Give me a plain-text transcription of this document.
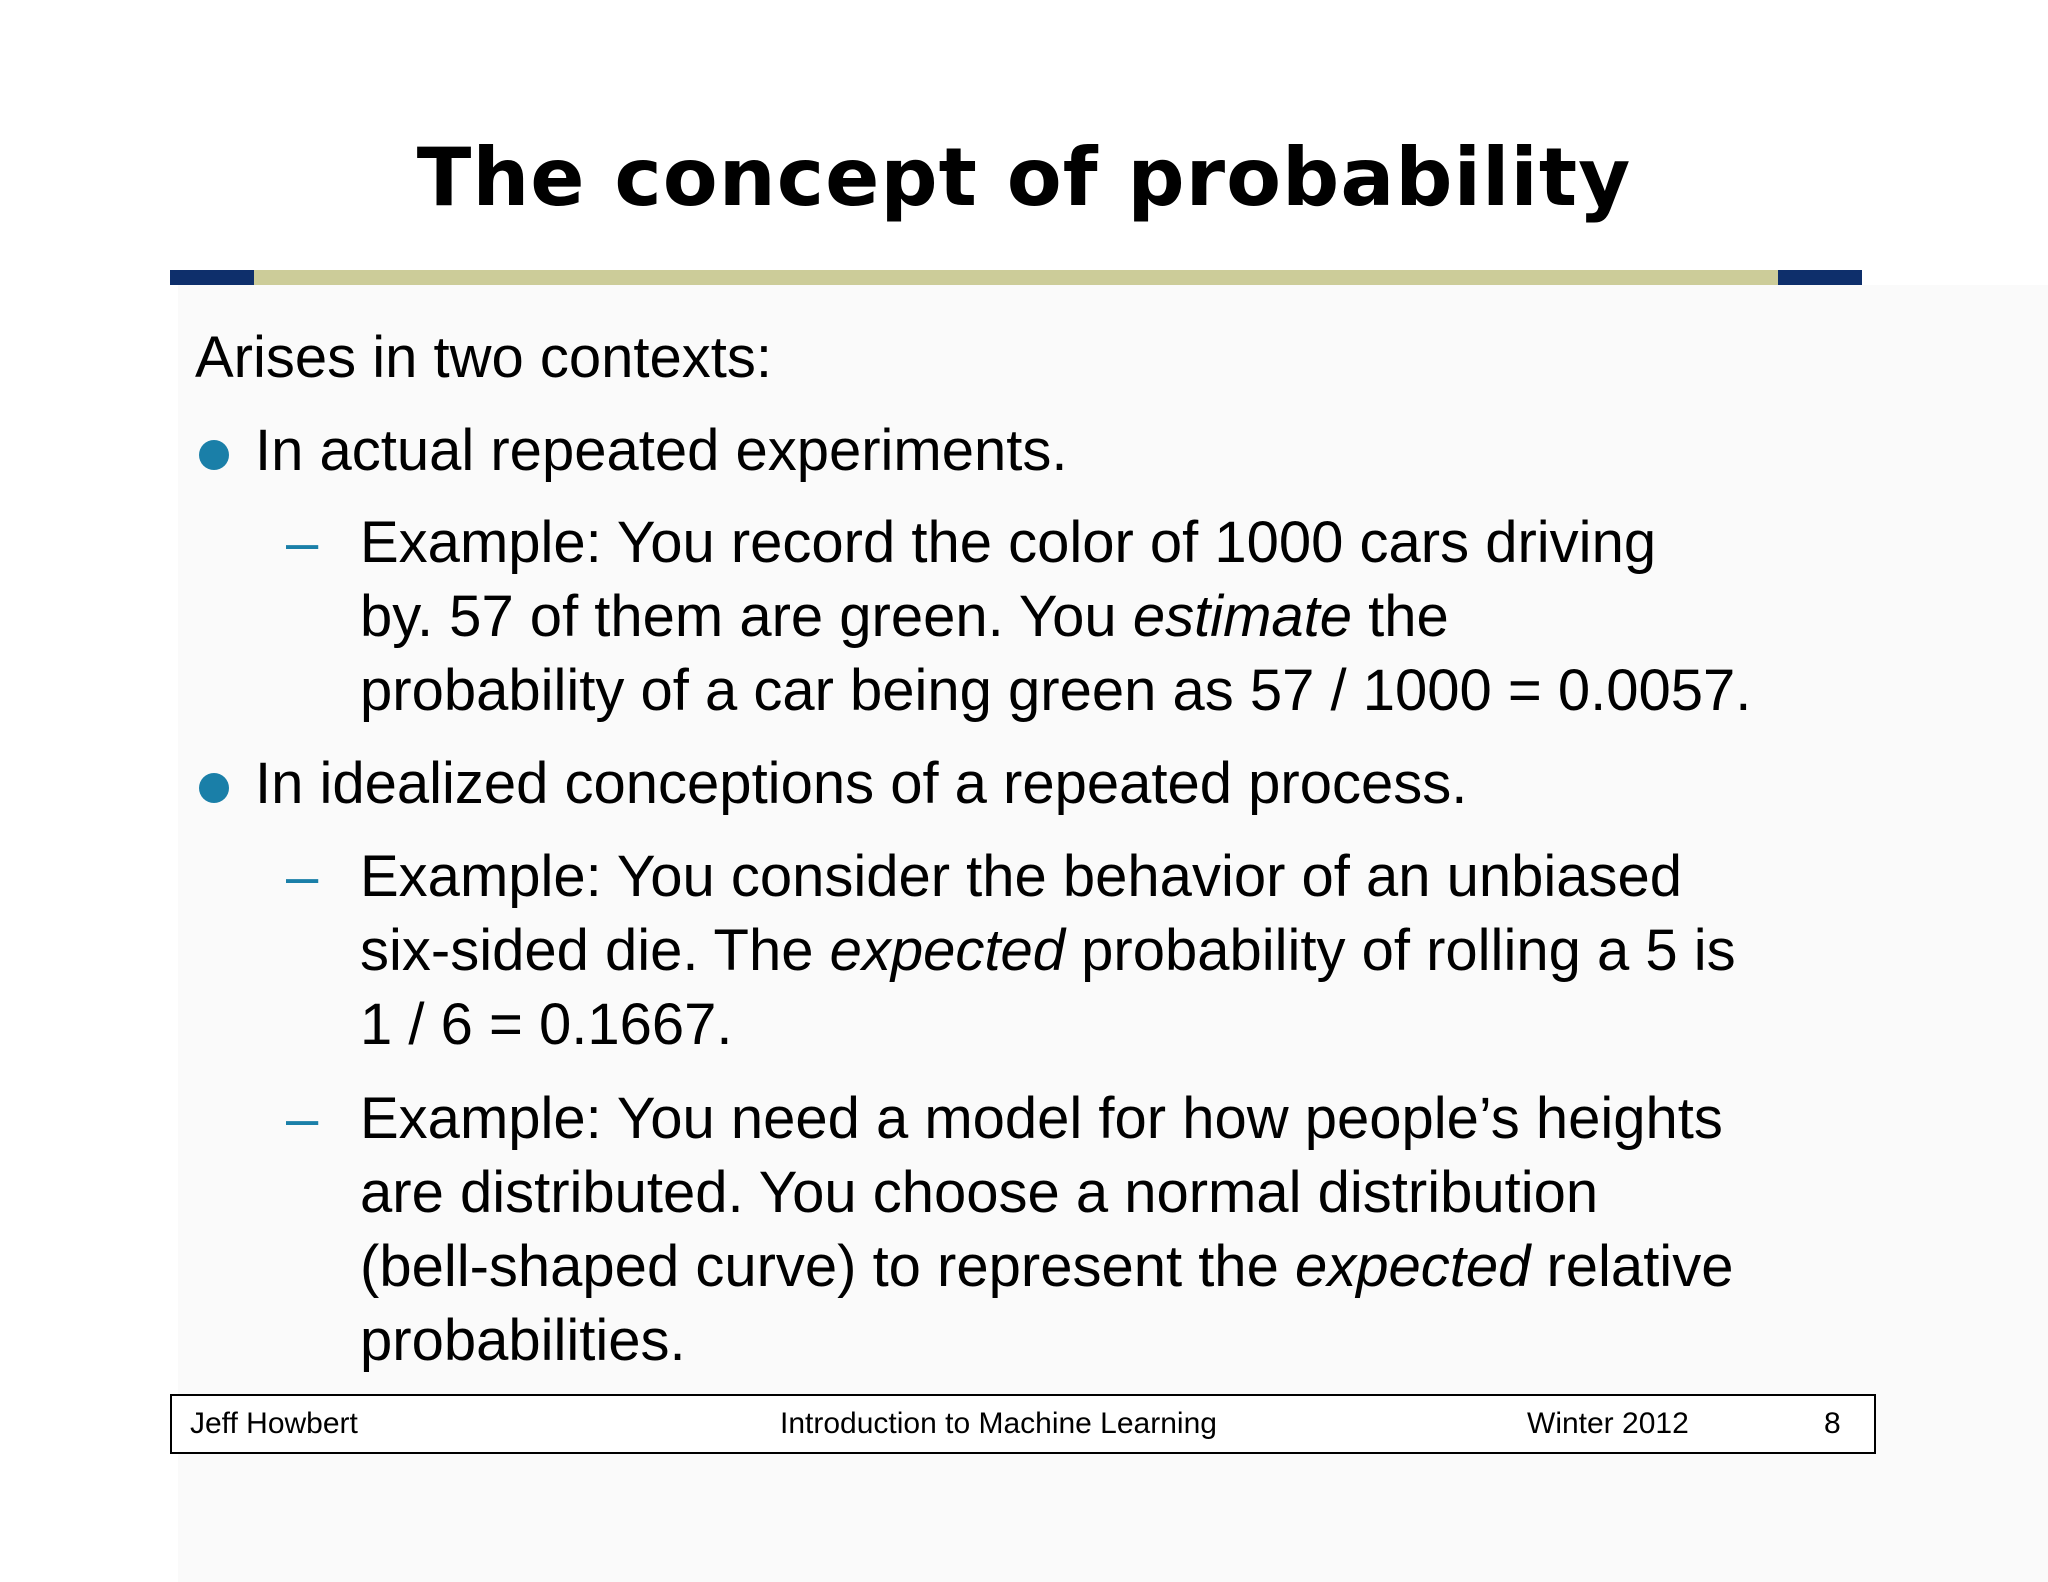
The concept of probability
Arises in two contexts:
In actual repeated experiments.
– Example: You record the color of 1000 cars driving
by. 57 of them are green. You estimate the
probability of a car being green as 57 / 1000 = 0.0057.
In idealized conceptions of a repeated process.
– Example: You consider the behavior of an unbiased
six-sided die. The expected probability of rolling a 5 is
1 / 6 = 0.1667.
– Example: You need a model for how people’s heights
are distributed. You choose a normal distribution
(bell-shaped curve) to represent the expected relative
probabilities.
Jeff Howbert	Introduction to Machine Learning	Winter 2012	8
